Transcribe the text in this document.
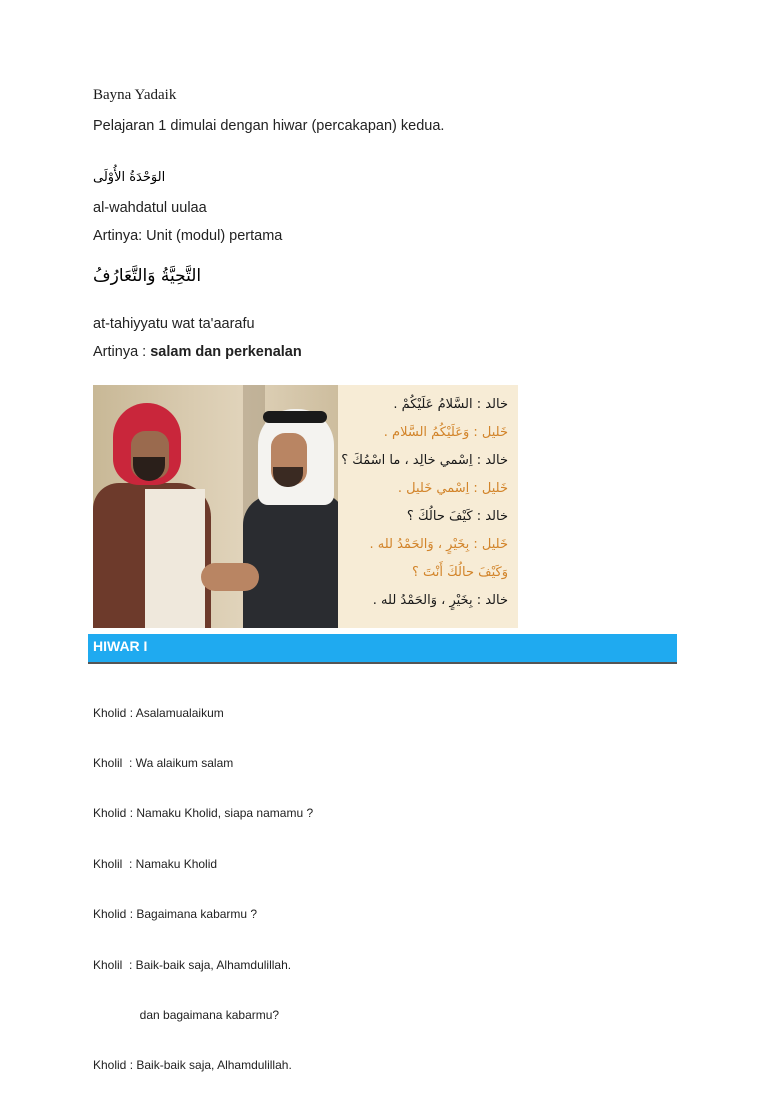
Bayna Yadaik
Pelajaran 1 dimulai dengan hiwar (percakapan) kedua.
الوَحْدَةُ الأُوْلَى
al-wahdatul uulaa
Artinya: Unit (modul) pertama
التَّحِيَّةُ وَالتَّعَارُفُ
at-tahiyyatu wat ta'aarafu
Artinya : salam dan perkenalan
خالد : السَّلامُ عَلَيْكُمْ .
خَليل : وَعَلَيْكُمُ السَّلام .
خالد : اِسْمي خالِد ، ما اسْمُكَ ؟
خَليل : اِسْمي خَليل .
خالد : كَيْفَ حالُكَ ؟
خَليل : بِخَيْرٍ ، وَالحَمْدُ لله .
وَكَيْفَ حالُكَ أَنْتَ ؟
خالد : بِخَيْرٍ ، وَالحَمْدُ لله .
HIWAR I

Kholid : Asalamualaikum

Kholil  : Wa alaikum salam

Kholid : Namaku Kholid, siapa namamu ?

Kholil  : Namaku Kholid

Kholid : Bagaimana kabarmu ?

Kholil  : Baik-baik saja, Alhamdulillah.

dan bagaimana kabarmu?

Kholid : Baik-baik saja, Alhamdulillah.
